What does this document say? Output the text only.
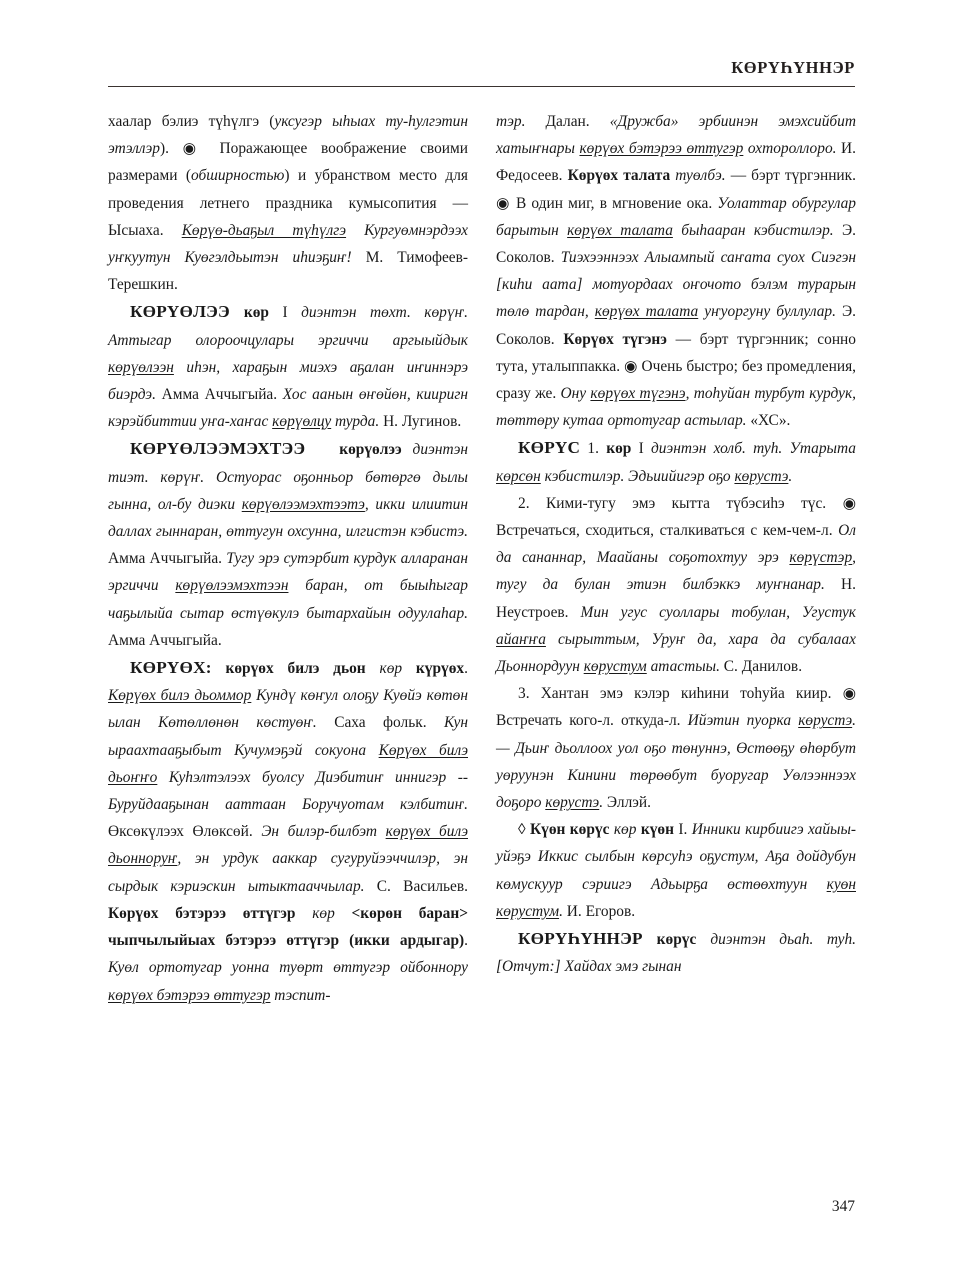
КӨРҮҺҮННЭР

хаалар бэлиэ түһүлгэ (уксугэр ыһыах ту-һулгэтин этэллэр). ◉ Поражающее воображение своими размерами (обширностью) и убранством место для проведения летнего праздника кумысопития — Ысыаха. Көрүө-дьаҕыл түһүлгэ Кургуөмнэрдээх уҥкуутун Куөгэлдьытэн иһиэҕиҥ! М. Тимофеев-Терешкин.

КӨРҮӨЛЭЭ көр I диэнтэн төхт. көрүҥ. Аттыгар олороочцулары эргиччи аргыыйдык көрүөлээн иһэн, хараҕын миэхэ аҕалан иҥиннэрэ биэрдэ. Амма Аччыгыйа. Хос аанын өҥөйөн, кииригн кэрэйбиттии уҥа-хаҥас көрүөлцу турда. Н. Лугинов.

КӨРҮӨЛЭЭМЭХТЭЭ көрүөлээ диэнтэн тиэт. көрүҥ. Остуорас оҕонньор бөтөргө дылы гынна, ол-бу диэки көрүөлээмэхтээтэ, икки илиитин даллах гыннаран, өттугун охсунна, илгистэн кэбистэ. Амма Аччыгыйа. Тугу эрэ сутэрбит курдук алларанан эргиччи көрүөлээмэхтээн баран, от быыһыгар чаҕылыйа сытар өстүөкулэ бытархайын одуулаһар. Амма Аччыгыйа.

КӨРҮӨХ: көрүөх билэ дьон көр күрүөх. Көрүөх билэ дьоммор Кундү көҥул олоҕу Куөйэ көтөн ылан Көтөллөнөн көстуөҥ. Саха фольк. Кун ыраахтааҕыбыт Кучумэҕэй сокуона Көрүөх билэ дьоҥҥо Куһэлтэлээх буолсу Диэбитиҥ иннигэр -- Буруйдааҕынан ааттаан Боручуотам кэлбитиҥ. Өксөкүлээх Өлөксөй. Эн билэр-билбэт көрүөх билэ дьонноруҥ, эн урдук ааккар сугуруйээччилэр, эн сырдык кэриэскин ытыктааччылар. С. Васильев. Көрүөх бэтэрээ өттүгэр көр <көрөн баран> чыпчылыйыах бэтэрээ өттүгэр (икки ардыгар). Куөл ортотугар уонна туөрт өттугэр ойбоннору көрүөх бэтэрээ өттугэр тэспит-

тэр. Далан. «Дружба» эрбиинэн эмэхсийбит хатыҥнары көрүөх бэтэрээ өттугэр охтороллоро. И. Федосеев. Көрүөх талата туөлбэ. — бэрт түргэнник. ◉ В один миг, в мгновение ока. Уолаттар обургулар барытын көрүөх талата быһааран кэбистилэр. Э. Соколов. Тиэхээннээх Алыампый саҥата суох Сиэгэн [киһи аата] мотуордаах оҥочото бэлэм турарын төлө тардан, көрүөх талата уҥуоргуну буллулар. Э. Соколов. Көрүөх түгэнэ — бэрт түргэнник; сонно тута, уталыппакка. ◉ Очень быстро; без промедления, сразу же. Ону көрүөх түгэнэ, тоһуйан турбут курдук, төттөру кутаа ортотугар астылар. «ХС».

КӨРҮС 1. көр I диэнтэн холб. туһ. Утарыта көрсөн кэбистилэр. Эдьиийигэр оҕо көрустэ.

2. Кими-тугу эмэ кытта түбэсиһэ түс. ◉ Встречаться, сходиться, сталкиваться с кем-чем-л. Ол да сананнар, Маайаны соҕотохтуу эрэ көрүстэр, тугу да булан этиэн билбэккэ муҥнанар. Н. Неустроев. Мин угус суоллары тобулан, Угустук айаҥҥа сырыттым, Уруҥ да, хара да субалаах Дьоннордуун көрустум атастыы. С. Данилов.

3. Хантан эмэ кэлэр киһини тоһуйа киир. ◉ Встречать кого-л. откуда-л. Ийэтин пуорка көрустэ. — Дьиҥ дьоллоох уол оҕо төнуннэ, Өстөөҕу өһөрбут уөруунэн Кинини төрөөбут буоругар Уөлээннээх доҕоро көрустэ. Эллэй.

◊ Күөн көрүс көр күөн I. Инники кирбиигэ хайыы-уйэҕэ Иккис сылбын көрсуһэ оҕустум, Аҕа дойдубун көмускуур сэриигэ Адьырҕа өстөөхтуун куөн көрустум. И. Егоров.

КӨРҮҺҮННЭР көрүс диэнтэн дьаһ. туһ. [Отчут:] Хайдах эмэ гынан

347
